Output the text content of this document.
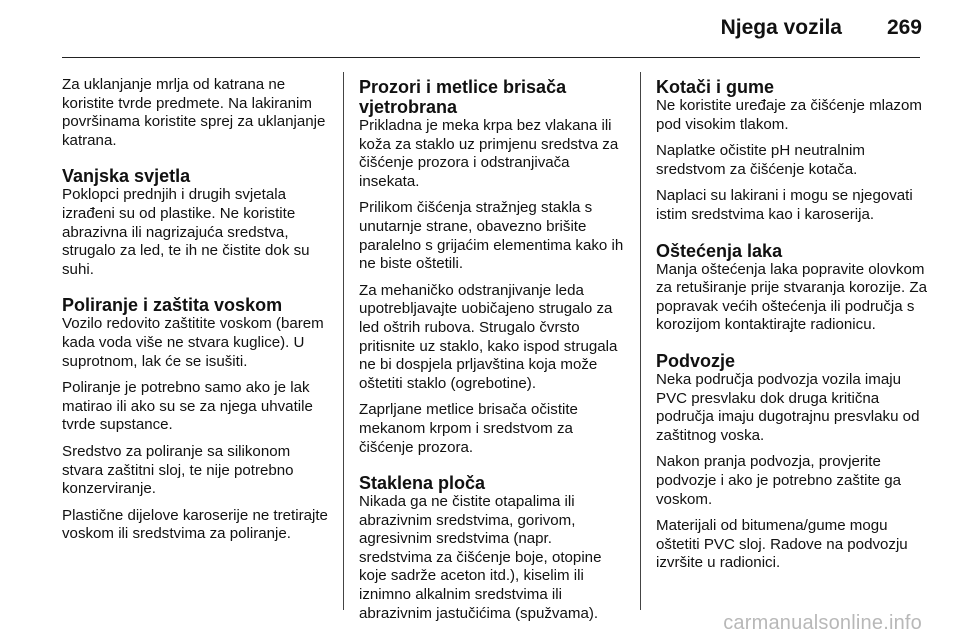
Njega vozila 269

Za uklanjanje mrlja od katrana ne koristite tvrde predmete. Na lakiranim površinama koristite sprej za uklanjanje katrana.

Vanjska svjetla

Poklopci prednjih i drugih svjetala izrađeni su od plastike. Ne koristite abrazivna ili nagrizajuća sredstva, strugalo za led, te ih ne čistite dok su suhi.

Poliranje i zaštita voskom

Vozilo redovito zaštitite voskom (barem kada voda više ne stvara kuglice). U suprotnom, lak će se isušiti.

Poliranje je potrebno samo ako je lak matirao ili ako su se za njega uhvatile tvrde supstance.

Sredstvo za poliranje sa silikonom stvara zaštitni sloj, te nije potrebno konzerviranje.

Plastične dijelove karoserije ne tretirajte voskom ili sredstvima za poliranje.

Prozori i metlice brisača vjetrobrana

Prikladna je meka krpa bez vlakana ili koža za staklo uz primjenu sredstva za čišćenje prozora i odstranjivača insekata.

Prilikom čišćenja stražnjeg stakla s unutarnje strane, obavezno brišite paralelno s grijaćim elementima kako ih ne biste oštetili.

Za mehaničko odstranjivanje leda upotrebljavajte uobičajeno strugalo za led oštrih rubova. Strugalo čvrsto pritisnite uz staklo, kako ispod strugala ne bi dospjela prljavština koja može oštetiti staklo (ogrebotine).

Zaprljane metlice brisača očistite mekanom krpom i sredstvom za čišćenje prozora.

Staklena ploča

Nikada ga ne čistite otapalima ili abrazivnim sredstvima, gorivom, agresivnim sredstvima (napr. sredstvima za čišćenje boje, otopine koje sadrže aceton itd.), kiselim ili iznimno alkalnim sredstvima ili abrazivnim jastučićima (spužvama).

Kotači i gume

Ne koristite uređaje za čišćenje mlazom pod visokim tlakom.

Naplatke očistite pH neutralnim sredstvom za čišćenje kotača.

Naplaci su lakirani i mogu se njegovati istim sredstvima kao i karoserija.

Oštećenja laka

Manja oštećenja laka popravite olovkom za retuširanje prije stvaranja korozije. Za popravak većih oštećenja ili područja s korozijom kontaktirajte radionicu.

Podvozje

Neka područja podvozja vozila imaju PVC presvlaku dok druga kritična područja imaju dugotrajnu presvlaku od zaštitnog voska.

Nakon pranja podvozja, provjerite podvozje i ako je potrebno zaštite ga voskom.

Materijali od bitumena/gume mogu oštetiti PVC sloj. Radove na podvozju izvršite u radionici.

carmanualsonline.info
